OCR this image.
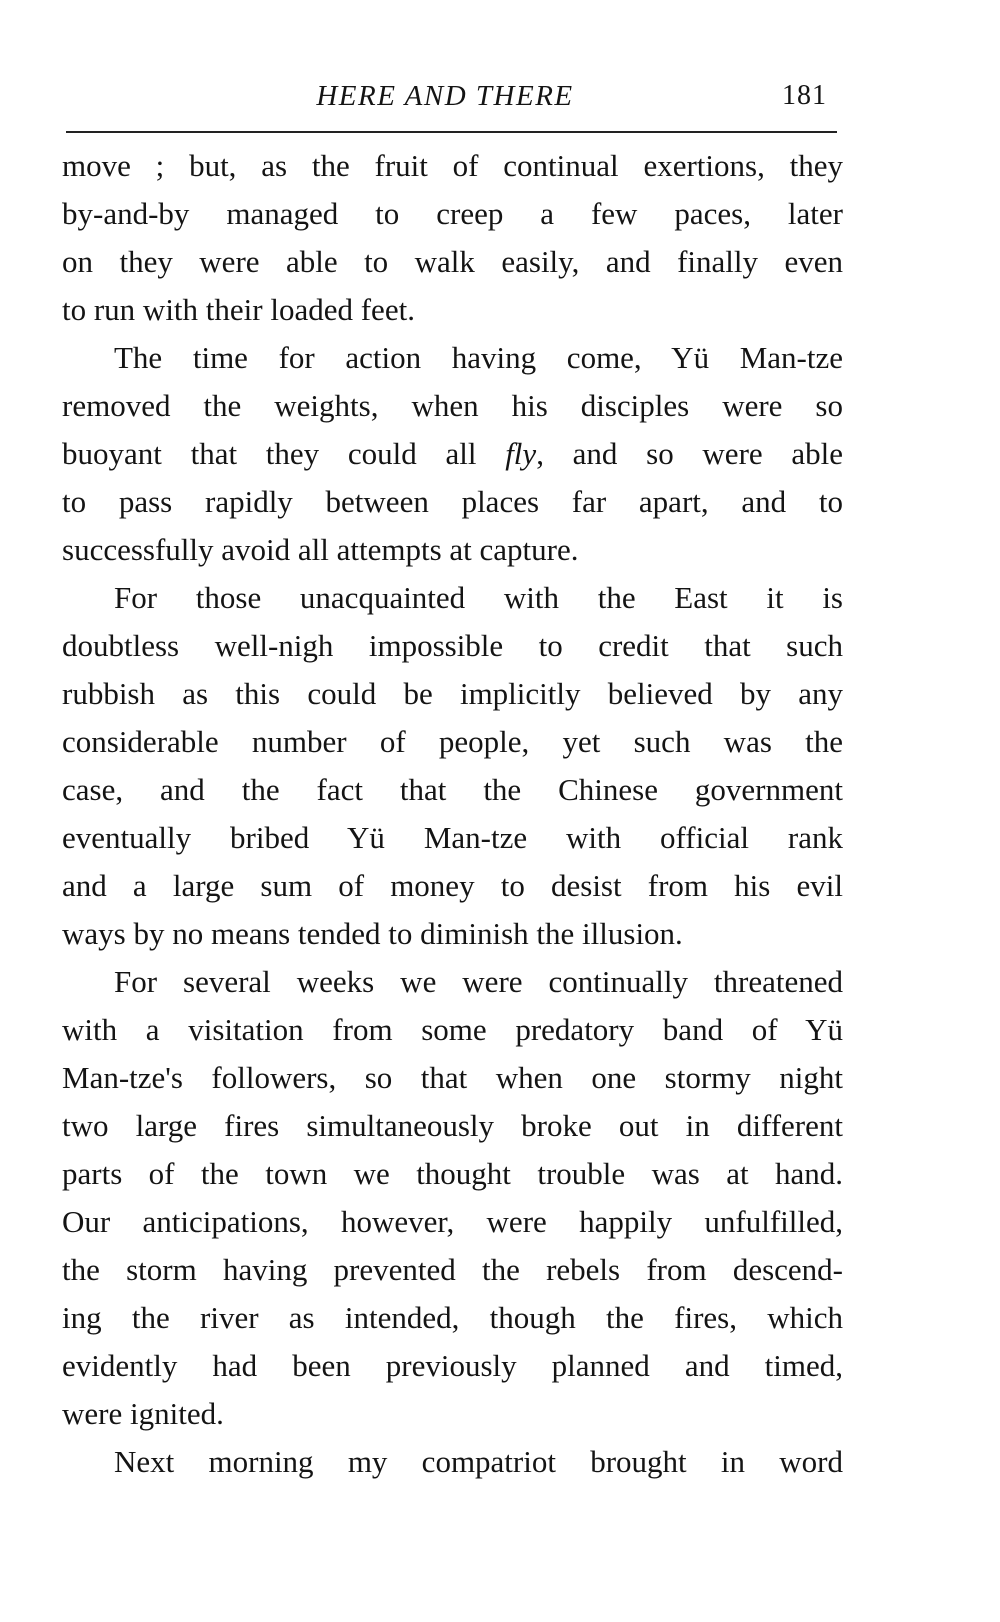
HERE AND THERE	181
move ; but, as the fruit of continual exertions, they
by-and-by managed to creep a few paces, later
on they were able to walk easily, and finally even
to run with their loaded feet.
The time for action having come, Yü Man-tze
removed the weights, when his disciples were so
buoyant that they could all fly, and so were able
to pass rapidly between places far apart, and to
successfully avoid all attempts at capture.
For those unacquainted with the East it is
doubtless well-nigh impossible to credit that such
rubbish as this could be implicitly believed by any
considerable number of people, yet such was the
case, and the fact that the Chinese government
eventually bribed Yü Man-tze with official rank
and a large sum of money to desist from his evil
ways by no means tended to diminish the illusion.
For several weeks we were continually threatened
with a visitation from some predatory band of Yü
Man-tze's followers, so that when one stormy night
two large fires simultaneously broke out in different
parts of the town we thought trouble was at hand.
Our anticipations, however, were happily unfulfilled,
the storm having prevented the rebels from descend-
ing the river as intended, though the fires, which
evidently had been previously planned and timed,
were ignited.
Next morning my compatriot brought in word
